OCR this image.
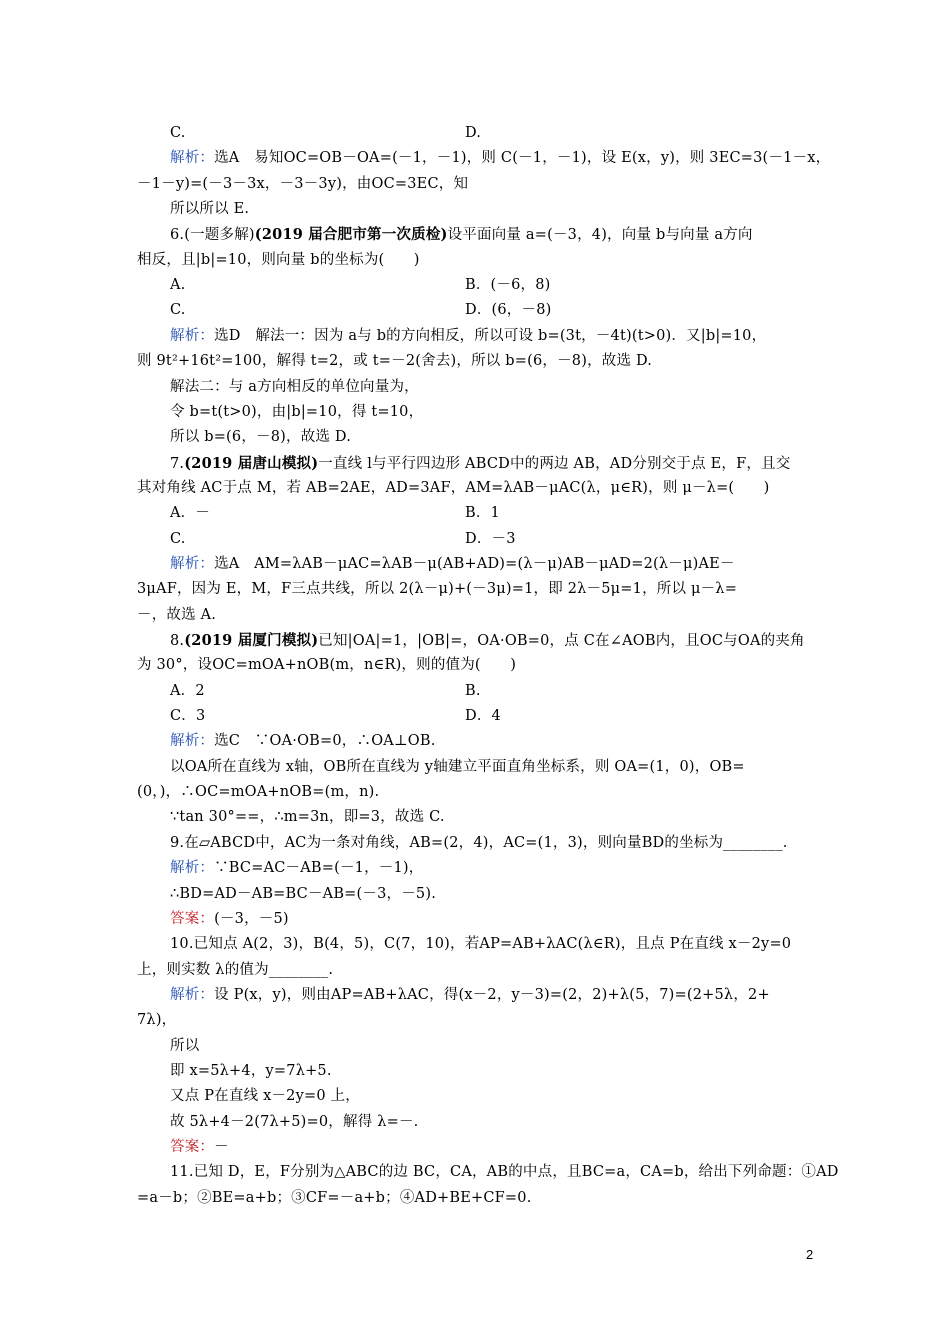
C.	D.
解析：选A　易知OC=OB－OA=(－1，－1)，则 C(－1，－1)，设 E(x，y)，则 3EC=3(－1－x，
－1－y)=(－3－3x，－3－3y)，由OC=3EC，知
所以所以 E.
6.(一题多解)(2019 届合肥市第一次质检)设平面向量 a=(－3，4)，向量 b与向量 a方向
相反，且|b|=10，则向量 b的坐标为(　　)
A.	B．(－6，8)
C.	D．(6，－8)
解析：选D　解法一：因为 a与 b的方向相反，所以可设 b=(3t，－4t)(t>0)．又|b|=10，
则 9t²+16t²=100，解得 t=2，或 t=－2(舍去)，所以 b=(6，－8)，故选 D.
解法二：与 a方向相反的单位向量为，
令 b=t(t>0)，由|b|=10，得 t=10，
所以 b=(6，－8)，故选 D.
7.(2019 届唐山模拟)一直线 l与平行四边形 ABCD中的两边 AB，AD分别交于点 E，F，且交
其对角线 AC于点 M，若 AB=2AE，AD=3AF，AM=λAB－μAC(λ，μ∈R)，则 μ－λ=(　　)
A．－	B．1
C.	D．－3
解析：选A　AM=λAB－μAC=λAB－μ(AB+AD)=(λ－μ)AB－μAD=2(λ－μ)AE－
3μAF，因为 E，M，F三点共线，所以 2(λ－μ)+(－3μ)=1，即 2λ－5μ=1，所以 μ－λ=
－，故选 A.
8.(2019 届厦门模拟)已知|OA|=1，|OB|=，OA·OB=0，点 C在∠AOB内，且OC与OA的夹角
为 30°，设OC=mOA+nOB(m，n∈R)，则的值为(　　)
A．2	B.
C．3	D．4
解析：选C　∵OA·OB=0，∴OA⊥OB.
以OA所在直线为 x轴，OB所在直线为 y轴建立平面直角坐标系，则 OA=(1，0)，OB=
(0，)，∴OC=mOA+nOB=(m，n).
∵tan 30°==，∴m=3n，即=3，故选 C.
9.在▱ABCD中，AC为一条对角线，AB=(2，4)，AC=(1，3)，则向量BD的坐标为________.
解析：∵BC=AC－AB=(－1，－1)，
∴BD=AD－AB=BC－AB=(－3，－5).
答案：(－3，－5)
10.已知点 A(2，3)，B(4，5)，C(7，10)，若AP=AB+λAC(λ∈R)，且点 P在直线 x－2y=0
上，则实数 λ的值为________.
解析：设 P(x，y)，则由AP=AB+λAC，得(x－2，y－3)=(2，2)+λ(5，7)=(2+5λ，2+
7λ)，
所以
即 x=5λ+4，y=7λ+5.
又点 P在直线 x－2y=0 上，
故 5λ+4－2(7λ+5)=0，解得 λ=－.
答案：－
11.已知 D，E，F分别为△ABC的边 BC，CA，AB的中点，且BC=a，CA=b，给出下列命题：①AD
=a－b；②BE=a+b；③CF=－a+b；④AD+BE+CF=0.
2
